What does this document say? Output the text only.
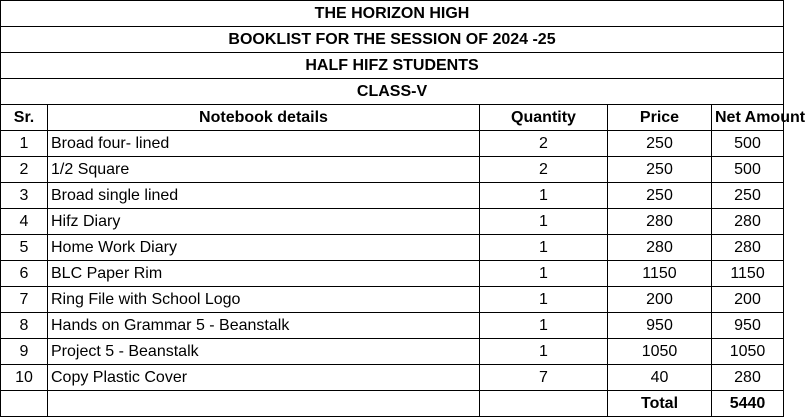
THE HORIZON HIGH				
BOOKLIST FOR THE SESSION OF 2024 -25				
HALF HIFZ STUDENTS				
CLASS-V				
Sr.	Notebook details	Quantity	Price	Net Amount
1	Broad four- lined	2	250	500
2	1/2 Square	2	250	500
3	Broad single lined	1	250	250
4	Hifz Diary	1	280	280
5	Home Work Diary	1	280	280
6	BLC Paper Rim	1	1150	1150
7	Ring File with School Logo	1	200	200
8	Hands on Grammar 5 - Beanstalk	1	950	950
9	Project 5 - Beanstalk	1	1050	1050
10	Copy Plastic Cover	7	40	280
			Total	5440
